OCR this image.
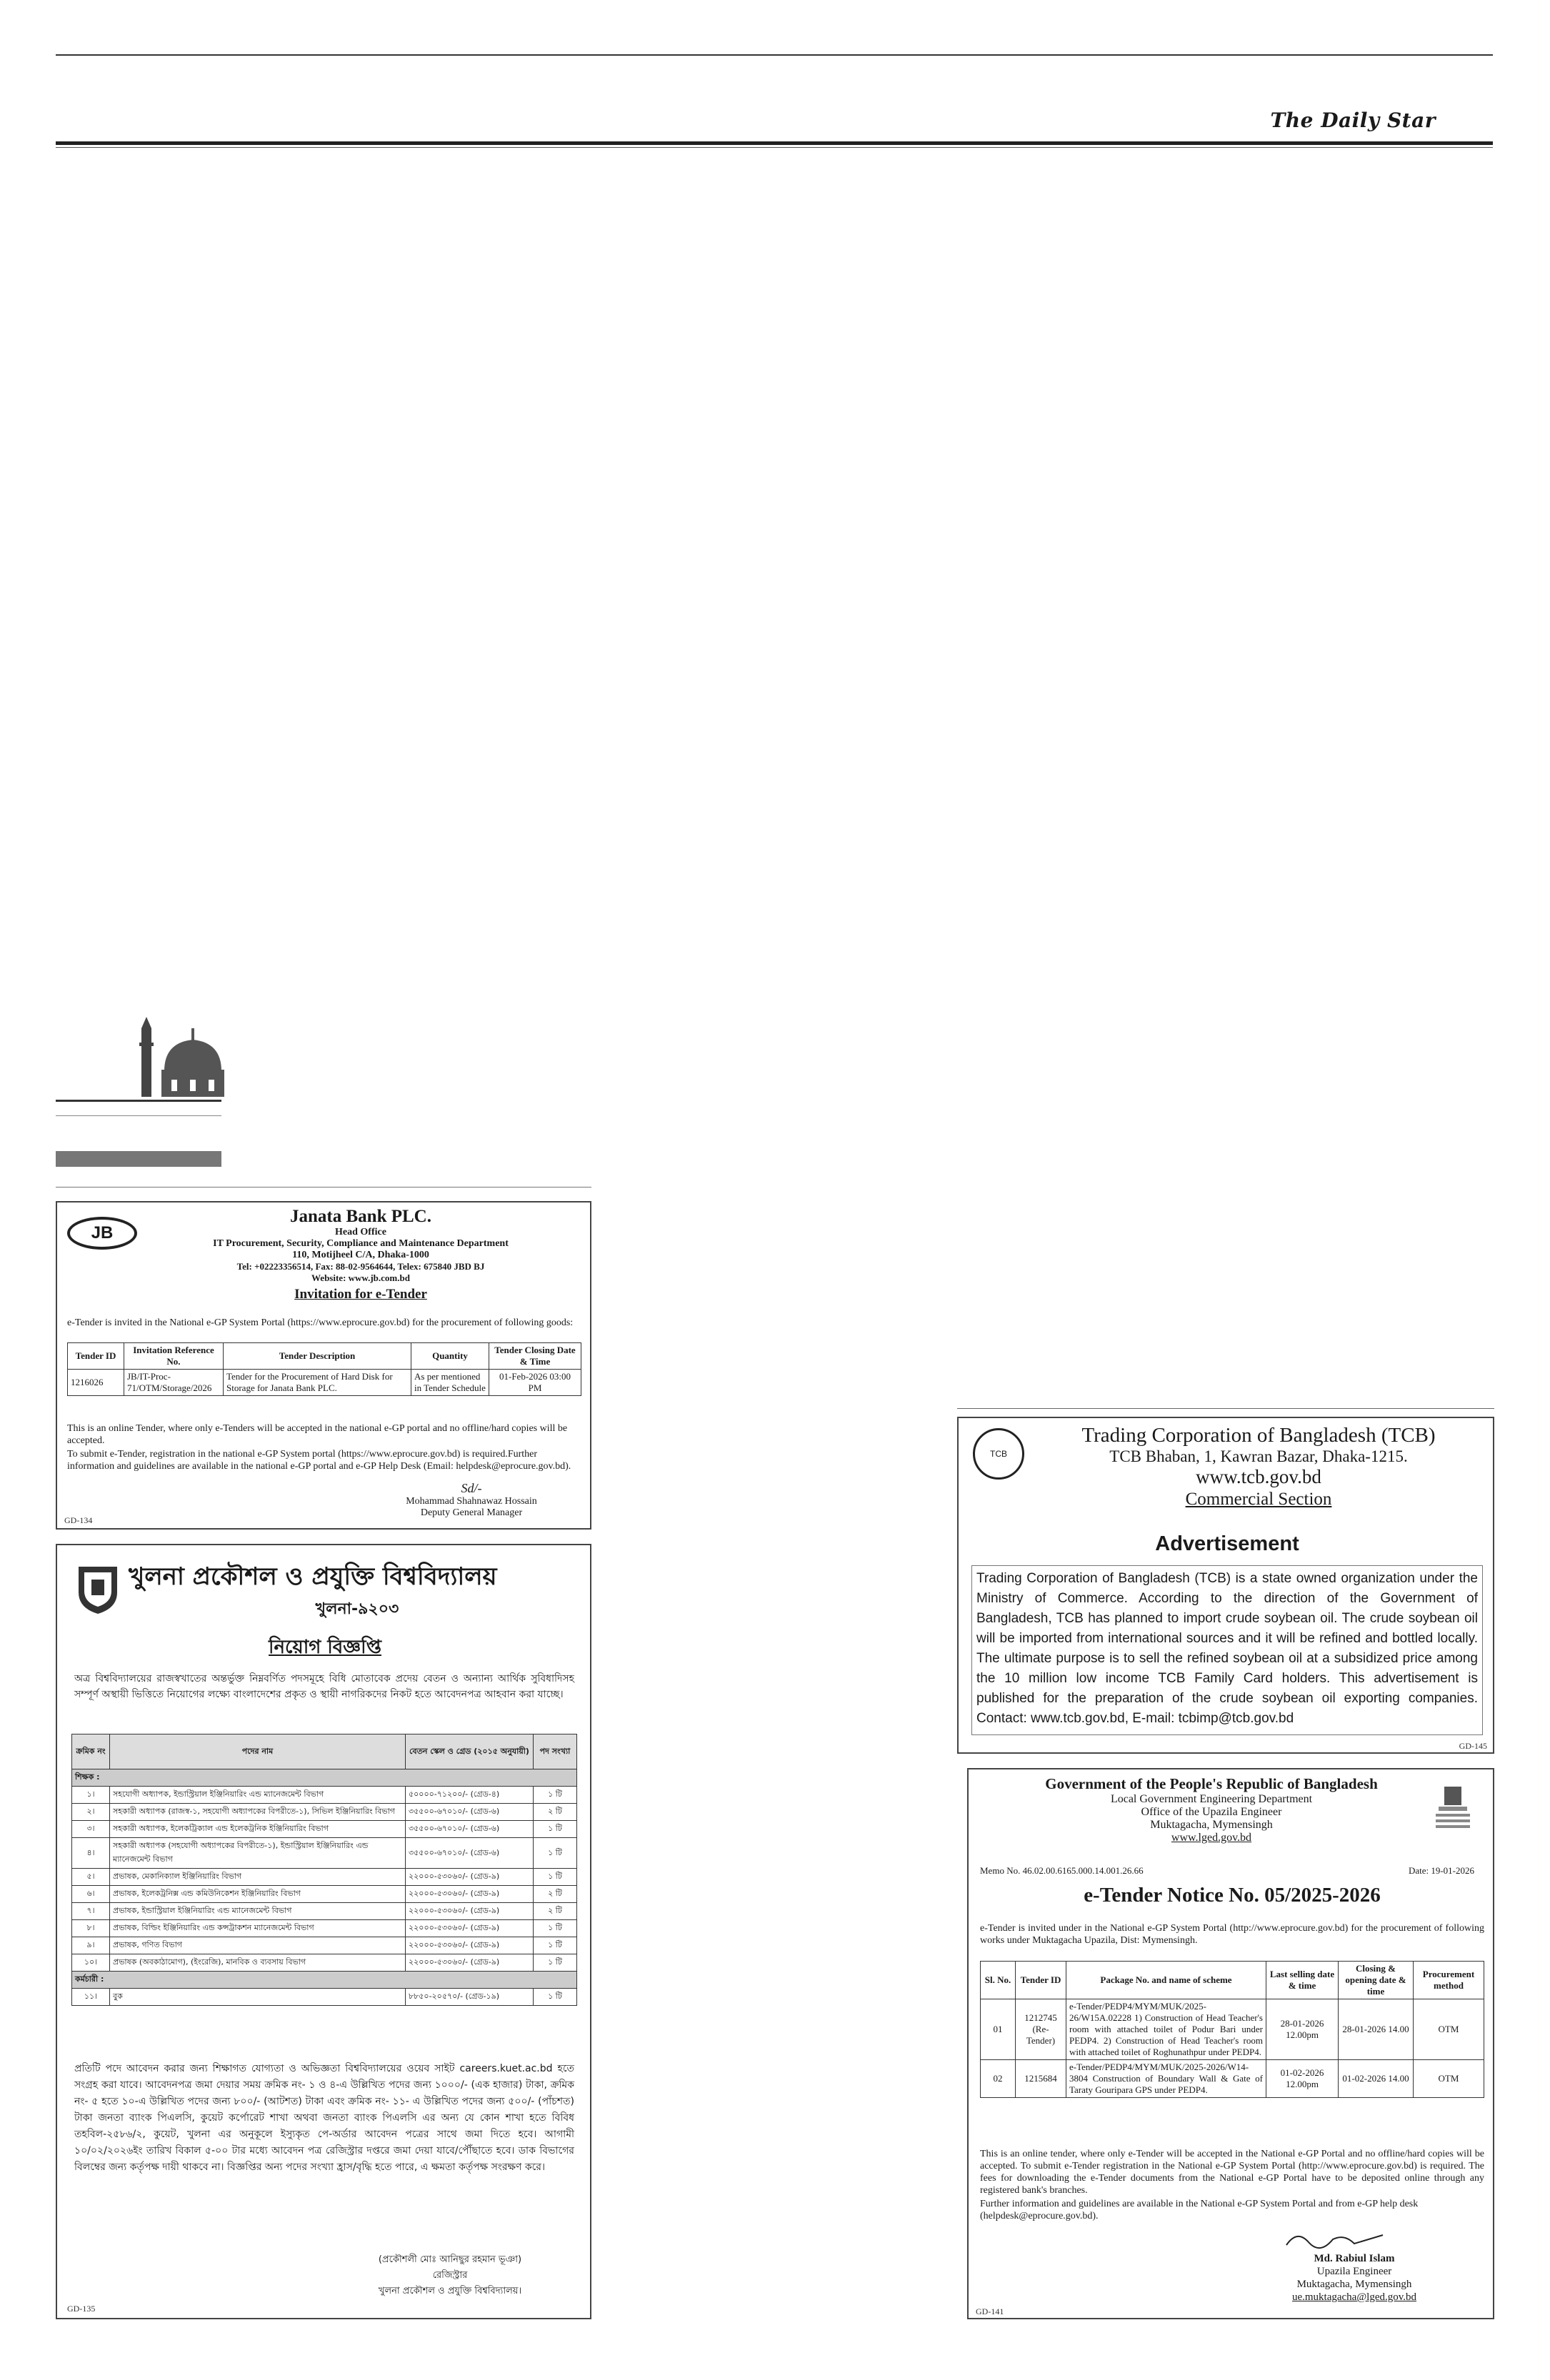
The Daily Star
JB
Janata Bank PLC.
Head Office
IT Procurement, Security, Compliance and Maintenance Department
110, Motijheel C/A, Dhaka-1000
Tel: +02223356514, Fax: 88-02-9564644, Telex: 675840 JBD BJ
Website: www.jb.com.bd
Invitation for e-Tender
e-Tender is invited in the National e-GP System Portal (https://www.eprocure.gov.bd) for the procurement of following goods:
Tender ID	Invitation Reference No.	Tender Description	Quantity	Tender Closing Date & Time
1216026	JB/IT-Proc-71/OTM/Storage/2026	Tender for the Procurement of Hard Disk for Storage for Janata Bank PLC.	As per mentioned in Tender Schedule	01-Feb-2026 03:00 PM
This is an online Tender, where only e-Tenders will be accepted in the national e-GP portal and no offline/hard copies will be accepted.
To submit e-Tender, registration in the national e-GP System portal (https://www.eprocure.gov.bd) is required.Further information and guidelines are available in the national e-GP portal and e-GP Help Desk (Email: helpdesk@eprocure.gov.bd).
Sd/-
Mohammad Shahnawaz Hossain
Deputy General Manager
GD-134
খুলনা প্রকৌশল ও প্রযুক্তি বিশ্ববিদ্যালয়
খুলনা-৯২০৩
নিয়োগ বিজ্ঞপ্তি
অত্র বিশ্ববিদ্যালয়ের রাজস্বখাতের অন্তর্ভুক্ত নিম্নবর্ণিত পদসমূহে বিধি মোতাবেক প্রদেয় বেতন ও অন্যান্য আর্থিক সুবিধাদিসহ সম্পূর্ণ অস্থায়ী ভিত্তিতে নিয়োগের লক্ষ্যে বাংলাদেশের প্রকৃত ও স্থায়ী নাগরিকদের নিকট হতে আবেদনপত্র আহবান করা যাচ্ছে।
ক্রমিক নং	পদের নাম	বেতন স্কেল ও গ্রেড (২০১৫ অনুযায়ী)	পদ সংখ্যা
শিক্ষক :			
১।	সহযোগী অধ্যাপক, ইন্ডাস্ট্রিয়াল ইঞ্জিনিয়ারিং এন্ড ম্যানেজমেন্ট বিভাগ	৫০০০০-৭১২০০/- (গ্রেড-৪)	১ টি
২।	সহকারী অধ্যাপক (রাজস্ব-১, সহযোগী অধ্যাপকের বিপরীতে-১), সিভিল ইঞ্জিনিয়ারিং বিভাগ	৩৫৫০০-৬৭০১০/- (গ্রেড-৬)	২ টি
৩।	সহকারী অধ্যাপক, ইলেকট্রিক্যাল এন্ড ইলেকট্রনিক ইঞ্জিনিয়ারিং বিভাগ	৩৫৫০০-৬৭০১০/- (গ্রেড-৬)	১ টি
৪।	সহকারী অধ্যাপক (সহযোগী অধ্যাপকের বিপরীতে-১), ইন্ডাস্ট্রিয়াল ইঞ্জিনিয়ারিং এন্ড ম্যানেজমেন্ট বিভাগ	৩৫৫০০-৬৭০১০/- (গ্রেড-৬)	১ টি
৫।	প্রভাষক, মেকানিক্যাল ইঞ্জিনিয়ারিং বিভাগ	২২০০০-৫৩০৬০/- (গ্রেড-৯)	১ টি
৬।	প্রভাষক, ইলেকট্রনিক্স এন্ড কমিউনিকেশন ইঞ্জিনিয়ারিং বিভাগ	২২০০০-৫৩০৬০/- (গ্রেড-৯)	২ টি
৭।	প্রভাষক, ইন্ডাস্ট্রিয়াল ইঞ্জিনিয়ারিং এন্ড ম্যানেজমেন্ট বিভাগ	২২০০০-৫৩০৬০/- (গ্রেড-৯)	২ টি
৮।	প্রভাষক, বিল্ডিং ইঞ্জিনিয়ারিং এন্ড কন্সট্রাকশন ম্যানেজমেন্ট বিভাগ	২২০০০-৫৩০৬০/- (গ্রেড-৯)	১ টি
৯।	প্রভাষক, গণিত বিভাগ	২২০০০-৫৩০৬০/- (গ্রেড-৯)	১ টি
১০।	প্রভাষক (অবকাঠামোগ), (ইংরেজি), মানবিক ও ব্যবসায় বিভাগ	২২০০০-৫৩০৬০/- (গ্রেড-৯)	১ টি
কর্মচারী :			
১১।	বুক	৮৮৫০-২০৫৭০/- (গ্রেড-১৯)	১ টি
প্রতিটি পদে আবেদন করার জন্য শিক্ষাগত যোগ্যতা ও অভিজ্ঞতা বিশ্ববিদ্যালয়ের ওয়েব সাইট careers.kuet.ac.bd হতে সংগ্রহ করা যাবে। আবেদনপত্র জমা দেয়ার সময় ক্রমিক নং- ১ ও ৪-এ উল্লিখিত পদের জন্য ১০০০/- (এক হাজার) টাকা, ক্রমিক নং- ৫ হতে ১০-এ উল্লিখিত পদের জন্য ৮০০/- (আটশত) টাকা এবং ক্রমিক নং- ১১- এ উল্লিখিত পদের জন্য ৫০০/- (পাঁচশত) টাকা জনতা ব্যাংক পিএলসি, কুয়েট কর্পোরেট শাখা অথবা জনতা ব্যাংক পিএলসি এর অন্য যে কোন শাখা হতে বিবিধ তহবিল-২৫৮৬/২, কুয়েট, খুলনা এর অনুকূলে ইস্যুকৃত পে-অর্ডার আবেদন পত্রের সাথে জমা দিতে হবে। আগামী ১০/০২/২০২৬ইং তারিখ বিকাল ৫-০০ টার মধ্যে আবেদন পত্র রেজিস্ট্রার দপ্তরে জমা দেয়া যাবে/পৌঁছাতে হবে। ডাক বিভাগের বিলম্বের জন্য কর্তৃপক্ষ দায়ী থাকবে না। বিজ্ঞপ্তির অন্য পদের সংখ্যা হ্রাস/বৃদ্ধি হতে পারে, এ ক্ষমতা কর্তৃপক্ষ সংরক্ষণ করে।
(প্রকৌশলী মোঃ আনিছুর রহমান ভূঞা)
রেজিস্ট্রার
খুলনা প্রকৌশল ও প্রযুক্তি বিশ্ববিদ্যালয়।
GD-135
TCB
Trading Corporation of Bangladesh (TCB)
TCB Bhaban, 1, Kawran Bazar, Dhaka-1215.
www.tcb.gov.bd
Commercial Section
Advertisement
Trading Corporation of Bangladesh (TCB) is a state owned organization under the Ministry of Commerce. According to the direction of the Government of Bangladesh, TCB has planned to import crude soybean oil. The crude soybean oil will be imported from international sources and it will be refined and bottled locally. The ultimate purpose is to sell the refined soybean oil at a subsidized price among the 10 million low income TCB Family Card holders. This advertisement is published for the preparation of the crude soybean oil exporting companies. Contact: www.tcb.gov.bd, E-mail: tcbimp@tcb.gov.bd
GD-145
Government of the People's Republic of Bangladesh
Local Government Engineering Department
Office of the Upazila Engineer
Muktagacha, Mymensingh
www.lged.gov.bd
Memo No. 46.02.00.6165.000.14.001.26.66	Date: 19-01-2026
e-Tender Notice No. 05/2025-2026
e-Tender is invited under in the National e-GP System Portal (http://www.eprocure.gov.bd) for the procurement of following works under Muktagacha Upazila, Dist: Mymensingh.
Sl. No.	Tender ID	Package No. and name of scheme	Last selling date & time	Closing & opening date & time	Procurement method
01	1212745 (Re-Tender)	e-Tender/PEDP4/MYM/MUK/2025-26/W15A.02228 1) Construction of Head Teacher's room with attached toilet of Podur Bari under PEDP4. 2) Construction of Head Teacher's room with attached toilet of Roghunathpur under PEDP4.	28-01-2026 12.00pm	28-01-2026 14.00	OTM
02	1215684	e-Tender/PEDP4/MYM/MUK/2025-2026/W14-3804 Construction of Boundary Wall & Gate of Taraty Gouripara GPS under PEDP4.	01-02-2026 12.00pm	01-02-2026 14.00	OTM
This is an online tender, where only e-Tender will be accepted in the National e-GP Portal and no offline/hard copies will be accepted. To submit e-Tender registration in the National e-GP System Portal (http://www.eprocure.gov.bd) is required. The fees for downloading the e-Tender documents from the National e-GP Portal have to be deposited online through any registered bank's branches.
Further information and guidelines are available in the National e-GP System Portal and from e-GP help desk (helpdesk@eprocure.gov.bd).
Md. Rabiul Islam
Upazila Engineer
Muktagacha, Mymensingh
ue.muktagacha@lged.gov.bd
GD-141
